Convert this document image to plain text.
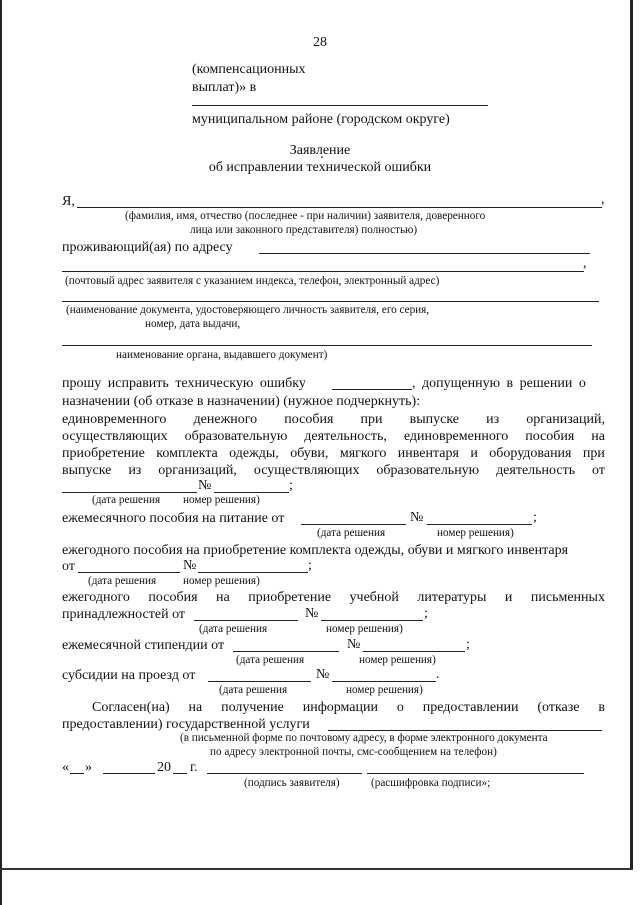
28
(компенсационных
выплат)» в
муниципальном районе (городском округе)
Заявление
об исправлении технической ошибки
Я,	,
(фамилия, имя, отчество (последнее - при наличии) заявителя, доверенного
лица или законного представителя) полностью)
проживающий(ая) по адресу
,
(почтовый адрес заявителя с указанием индекса, телефон, электронный адрес)
(наименование документа, удостоверяющего личность заявителя, его серия,
номер, дата выдачи,
наименование органа, выдавшего документ)
прошу исправить техническую ошибку	, допущенную в решении о
назначении (об отказе в назначении) (нужное подчеркнуть):
единовременного денежного пособия при выпуске из организаций,
осуществляющих образовательную деятельность, единовременного пособия на
приобретение комплекта одежды, обуви, мягкого инвентаря и оборудования при
выпуске из организаций, осуществляющих образовательную деятельность от
№	;
(дата решения номер решения)
ежемесячного пособия на питание от	№	;
(дата решения	номер решения)
ежегодного пособия на приобретение комплекта одежды, обуви и мягкого инвентаря
от	№	;
(дата решения номер решения)
ежегодного пособия на приобретение учебной литературы и письменных
принадлежностей от	№	;
(дата решения	номер решения)
ежемесячной стипендии от	№	;
(дата решения	номер решения)
субсидии на проезд от	№	.
(дата решения	номер решения)
Согласен(на) на получение информации о предоставлении (отказе в
предоставлении) государственной услуги
(в письменной форме по почтовому адресу, в форме электронного документа
по адресу электронной почты, смс-сообщением на телефон)
« »	20 г.
(подпись заявителя)	(расшифровка подписи»;
